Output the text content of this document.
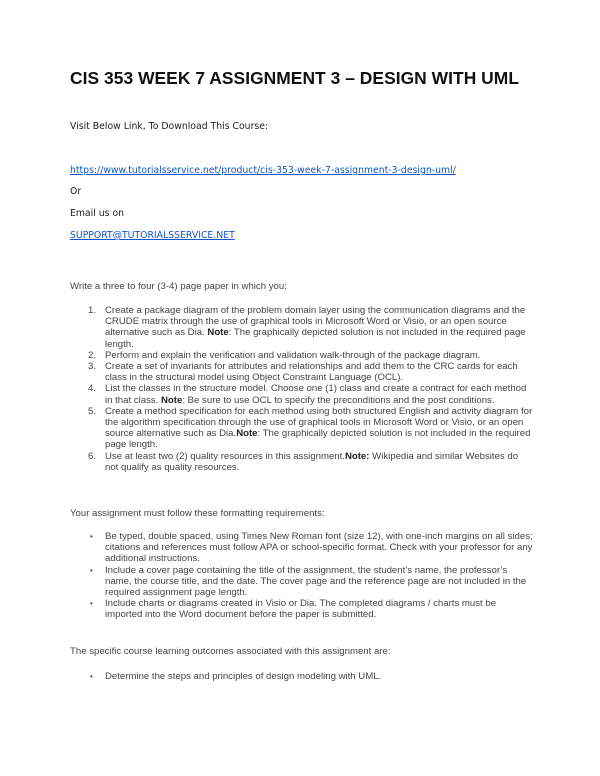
CIS 353 WEEK 7 ASSIGNMENT 3 – DESIGN WITH UML

Visit Below Link, To Download This Course:

https://www.tutorialsservice.net/product/cis-353-week-7-assignment-3-design-uml/

Or

Email us on

SUPPORT@TUTORIALSSERVICE.NET

Write a three to four (3-4) page paper in which you:

1. Create a package diagram of the problem domain layer using the communication diagrams and the CRUDE matrix through the use of graphical tools in Microsoft Word or Visio, or an open source alternative such as Dia. Note: The graphically depicted solution is not included in the required page length.
2. Perform and explain the verification and validation walk-through of the package diagram.
3. Create a set of invariants for attributes and relationships and add them to the CRC cards for each class in the structural model using Object Constraint Language (OCL).
4. List the classes in the structure model. Choose one (1) class and create a contract for each method in that class. Note: Be sure to use OCL to specify the preconditions and the post conditions.
5. Create a method specification for each method using both structured English and activity diagram for the algorithm specification through the use of graphical tools in Microsoft Word or Visio, or an open source alternative such as Dia.Note: The graphically depicted solution is not included in the required page length.
6. Use at least two (2) quality resources in this assignment.Note: Wikipedia and similar Websites do not qualify as quality resources.

Your assignment must follow these formatting requirements:

•	Be typed, double spaced, using Times New Roman font (size 12), with one-inch margins on all sides; citations and references must follow APA or school-specific format. Check with your professor for any additional instructions.
•	Include a cover page containing the title of the assignment, the student’s name, the professor’s name, the course title, and the date. The cover page and the reference page are not included in the required assignment page length.
•	Include charts or diagrams created in Visio or Dia. The completed diagrams / charts must be imported into the Word document before the paper is submitted.

The specific course learning outcomes associated with this assignment are:

•	Determine the steps and principles of design modeling with UML.
